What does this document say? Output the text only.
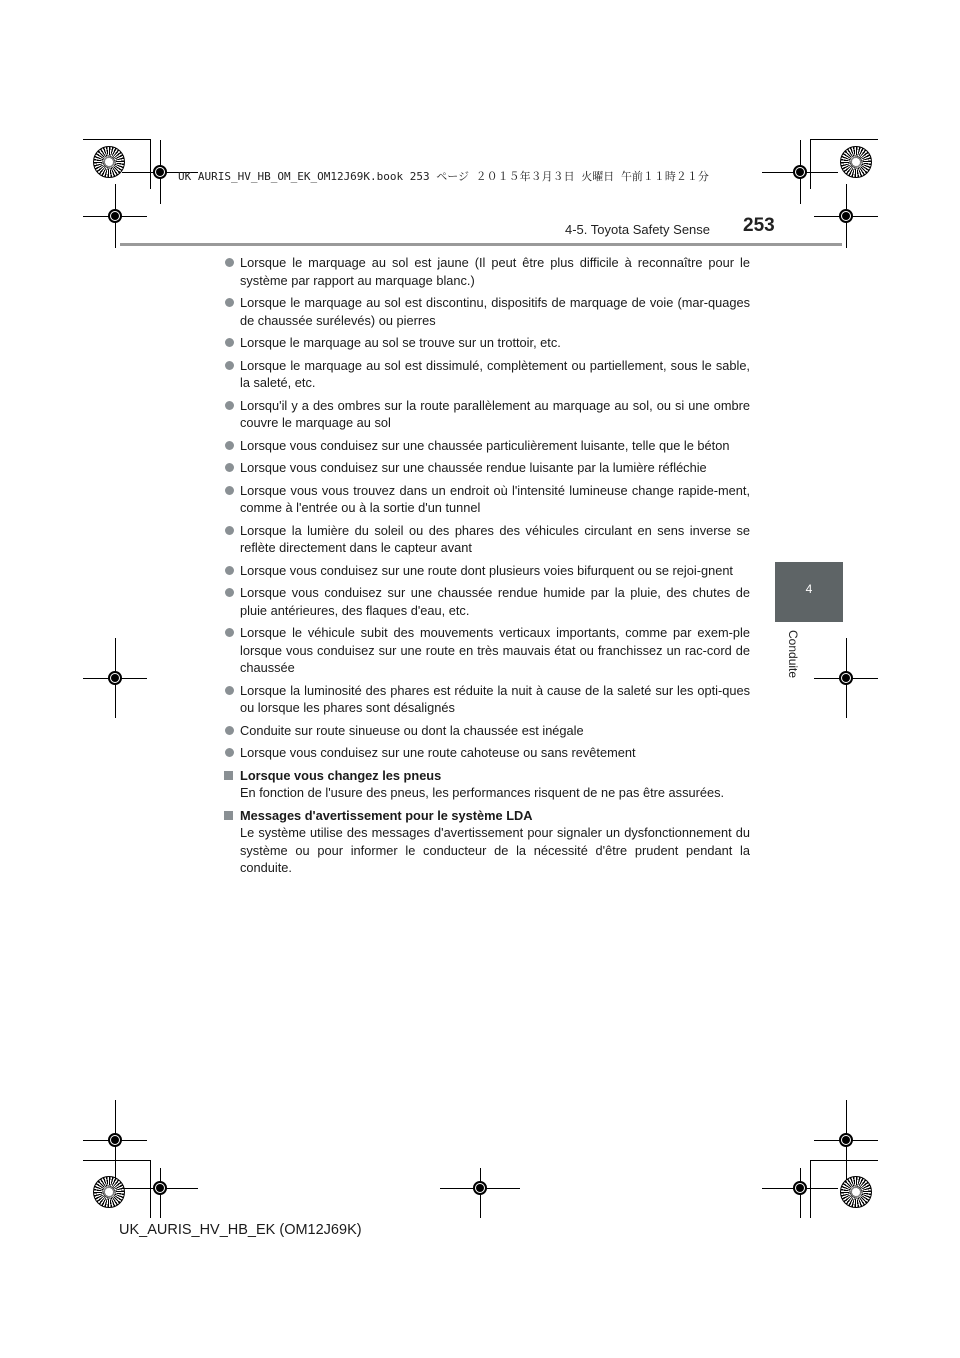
UK AURIS_HV_HB_OM_EK_OM12J69K.book 253 ページ ２０１５年３月３日 火曜日 午前１１時２１分
4-5. Toyota Safety Sense 253
4
Conduite
Lorsque le marquage au sol est jaune (Il peut être plus difficile à reconnaître pour le système par rapport au marquage blanc.)
Lorsque le marquage au sol est discontinu, dispositifs de marquage de voie (mar-quages de chaussée surélevés) ou pierres
Lorsque le marquage au sol se trouve sur un trottoir, etc.
Lorsque le marquage au sol est dissimulé, complètement ou partiellement, sous le sable, la saleté, etc.
Lorsqu'il y a des ombres sur la route parallèlement au marquage au sol, ou si une ombre couvre le marquage au sol
Lorsque vous conduisez sur une chaussée particulièrement luisante, telle que le béton
Lorsque vous conduisez sur une chaussée rendue luisante par la lumière réfléchie
Lorsque vous vous trouvez dans un endroit où l'intensité lumineuse change rapide-ment, comme à l'entrée ou à la sortie d'un tunnel
Lorsque la lumière du soleil ou des phares des véhicules circulant en sens inverse se reflète directement dans le capteur avant
Lorsque vous conduisez sur une route dont plusieurs voies bifurquent ou se rejoi-gnent
Lorsque vous conduisez sur une chaussée rendue humide par la pluie, des chutes de pluie antérieures, des flaques d'eau, etc.
Lorsque le véhicule subit des mouvements verticaux importants, comme par exem-ple lorsque vous conduisez sur une route en très mauvais état ou franchissez un rac-cord de chaussée
Lorsque la luminosité des phares est réduite la nuit à cause de la saleté sur les opti-ques ou lorsque les phares sont désalignés
Conduite sur route sinueuse ou dont la chaussée est inégale
Lorsque vous conduisez sur une route cahoteuse ou sans revêtement
Lorsque vous changez les pneus
En fonction de l'usure des pneus, les performances risquent de ne pas être assurées.
Messages d'avertissement pour le système LDA
Le système utilise des messages d'avertissement pour signaler un dysfonctionnement du système ou pour informer le conducteur de la nécessité d'être prudent pendant la conduite.
UK_AURIS_HV_HB_EK (OM12J69K)
